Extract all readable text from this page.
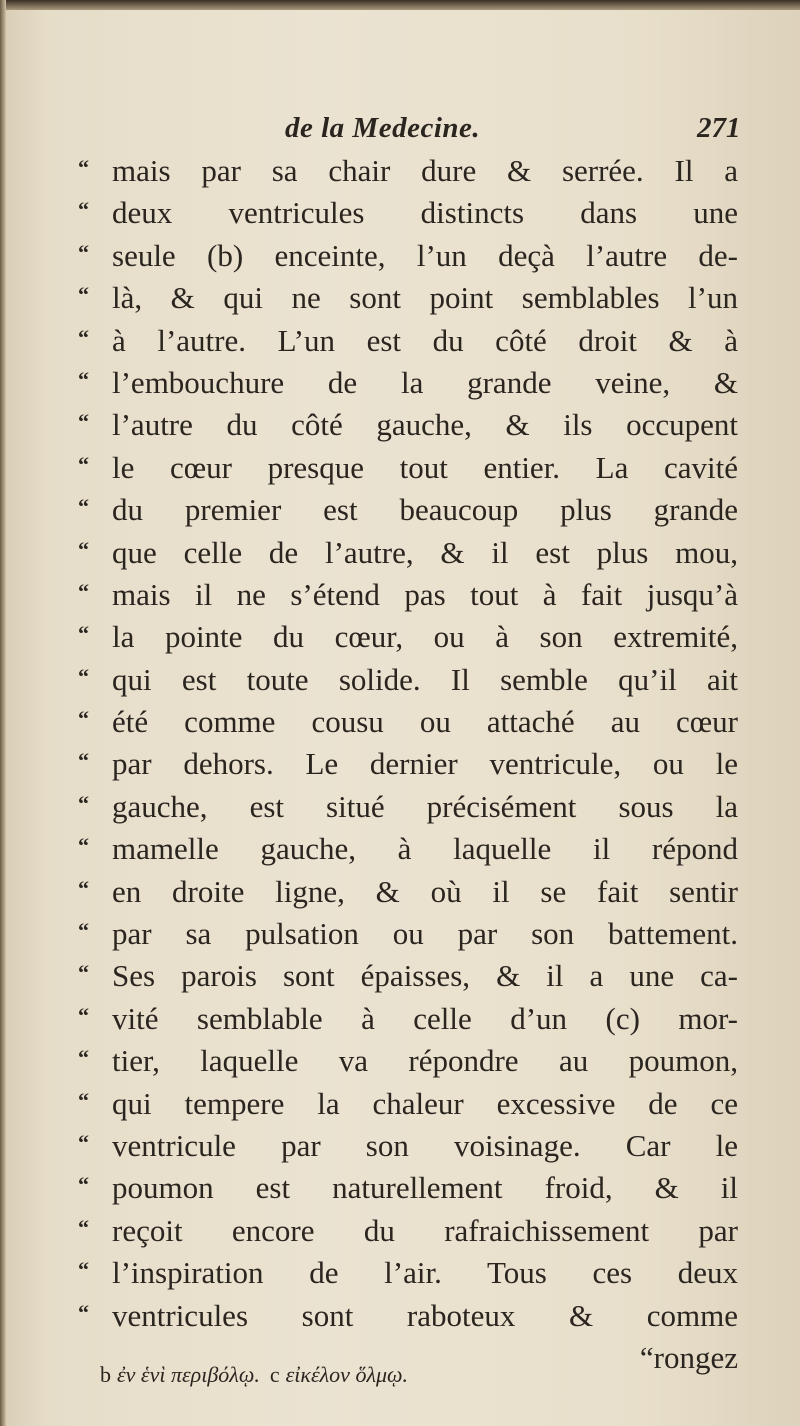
de la Medecine.	271
“ mais par sa chair dure & serrée. Il a
“ deux ventricules distincts dans une
“ seule (b) enceinte, l’un deçà l’autre de-
“ là, & qui ne sont point semblables l’un
“ à l’autre. L’un est du côté droit & à
“ l’embouchure de la grande veine, &
“ l’autre du côté gauche, & ils occupent
“ le cœur presque tout entier. La cavité
“ du premier est beaucoup plus grande
“ que celle de l’autre, & il est plus mou,
“ mais il ne s’étend pas tout à fait jusqu’à
“ la pointe du cœur, ou à son extremité,
“ qui est toute solide. Il semble qu’il ait
“ été comme cousu ou attaché au cœur
“ par dehors. Le dernier ventricule, ou le
“ gauche, est situé précisément sous la
“ mamelle gauche, à laquelle il répond
“ en droite ligne, & où il se fait sentir
“ par sa pulsation ou par son battement.
“ Ses parois sont épaisses, & il a une ca-
“ vité semblable à celle d’un (c) mor-
“ tier, laquelle va répondre au poumon,
“ qui tempere la chaleur excessive de ce
“ ventricule par son voisinage. Car le
“ poumon est naturellement froid, & il
“ reçoit encore du rafraichissement par
“ l’inspiration de l’air. Tous ces deux
“ ventricules sont raboteux & comme
“rongez
b ἐν ἑνὶ περιβόλῳ. c εἰκέλον ὅλμῳ.
